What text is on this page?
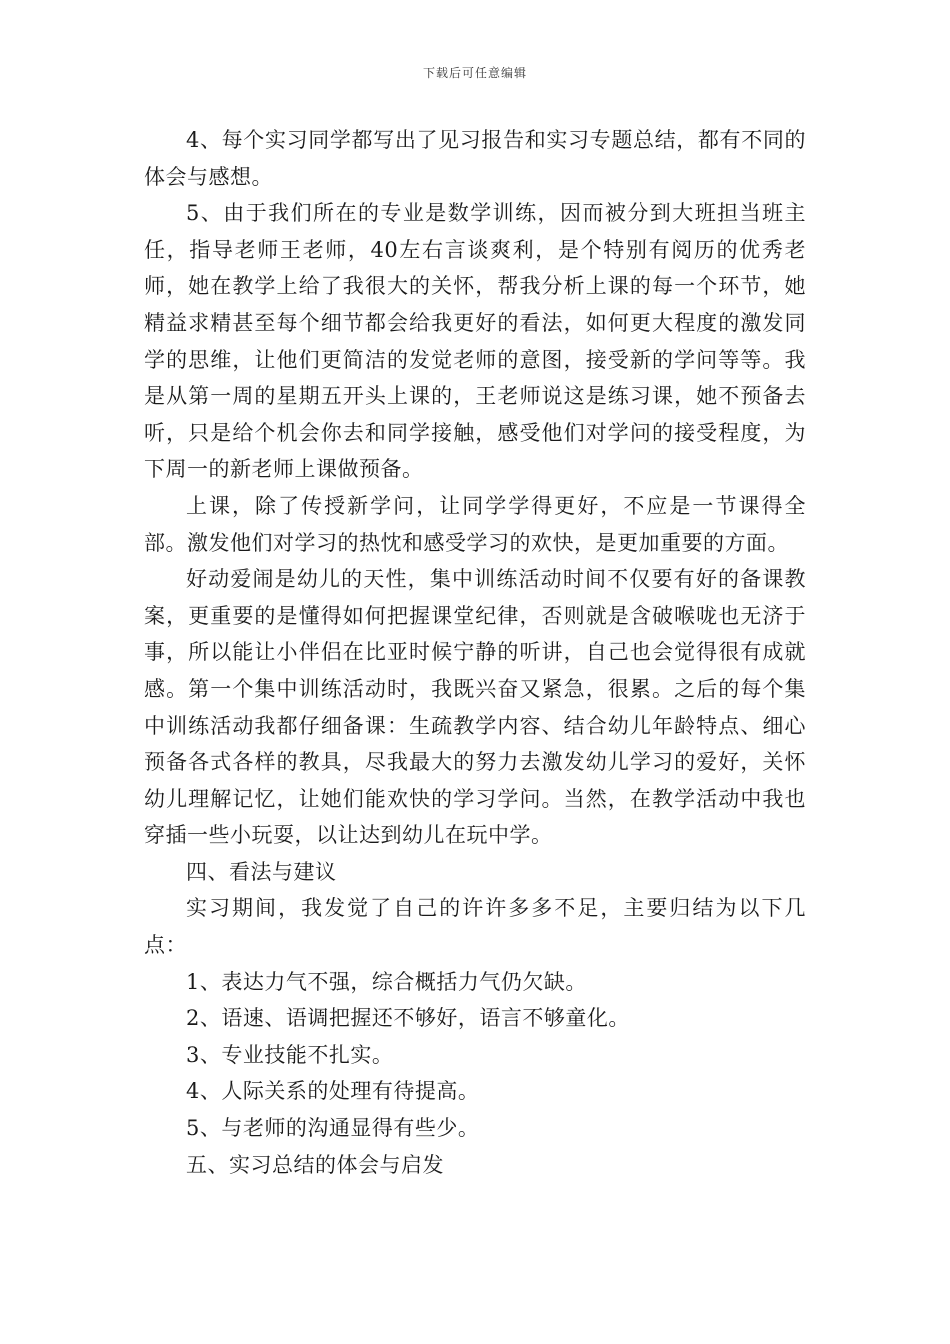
下载后可任意编辑

4、每个实习同学都写出了见习报告和实习专题总结，都有不同的体会与感想。

5、由于我们所在的专业是数学训练，因而被分到大班担当班主任，指导老师王老师，40左右言谈爽利，是个特别有阅历的优秀老师，她在教学上给了我很大的关怀，帮我分析上课的每一个环节，她精益求精甚至每个细节都会给我更好的看法，如何更大程度的激发同学的思维，让他们更简洁的发觉老师的意图，接受新的学问等等。我是从第一周的星期五开头上课的，王老师说这是练习课，她不预备去听，只是给个机会你去和同学接触，感受他们对学问的接受程度，为下周一的新老师上课做预备。

上课，除了传授新学问，让同学学得更好，不应是一节课得全部。激发他们对学习的热忱和感受学习的欢快，是更加重要的方面。

好动爱闹是幼儿的天性，集中训练活动时间不仅要有好的备课教案，更重要的是懂得如何把握课堂纪律，否则就是含破喉咙也无济于事，所以能让小伴侣在比亚时候宁静的听讲，自己也会觉得很有成就感。第一个集中训练活动时，我既兴奋又紧急，很累。之后的每个集中训练活动我都仔细备课：生疏教学内容、结合幼儿年龄特点、细心预备各式各样的教具，尽我最大的努力去激发幼儿学习的爱好，关怀幼儿理解记忆，让她们能欢快的学习学问。当然，在教学活动中我也穿插一些小玩耍，以让达到幼儿在玩中学。

四、看法与建议

实习期间，我发觉了自己的许许多多不足，主要归结为以下几点：

1、表达力气不强，综合概括力气仍欠缺。

2、语速、语调把握还不够好，语言不够童化。

3、专业技能不扎实。

4、人际关系的处理有待提高。

5、与老师的沟通显得有些少。

五、实习总结的体会与启发
